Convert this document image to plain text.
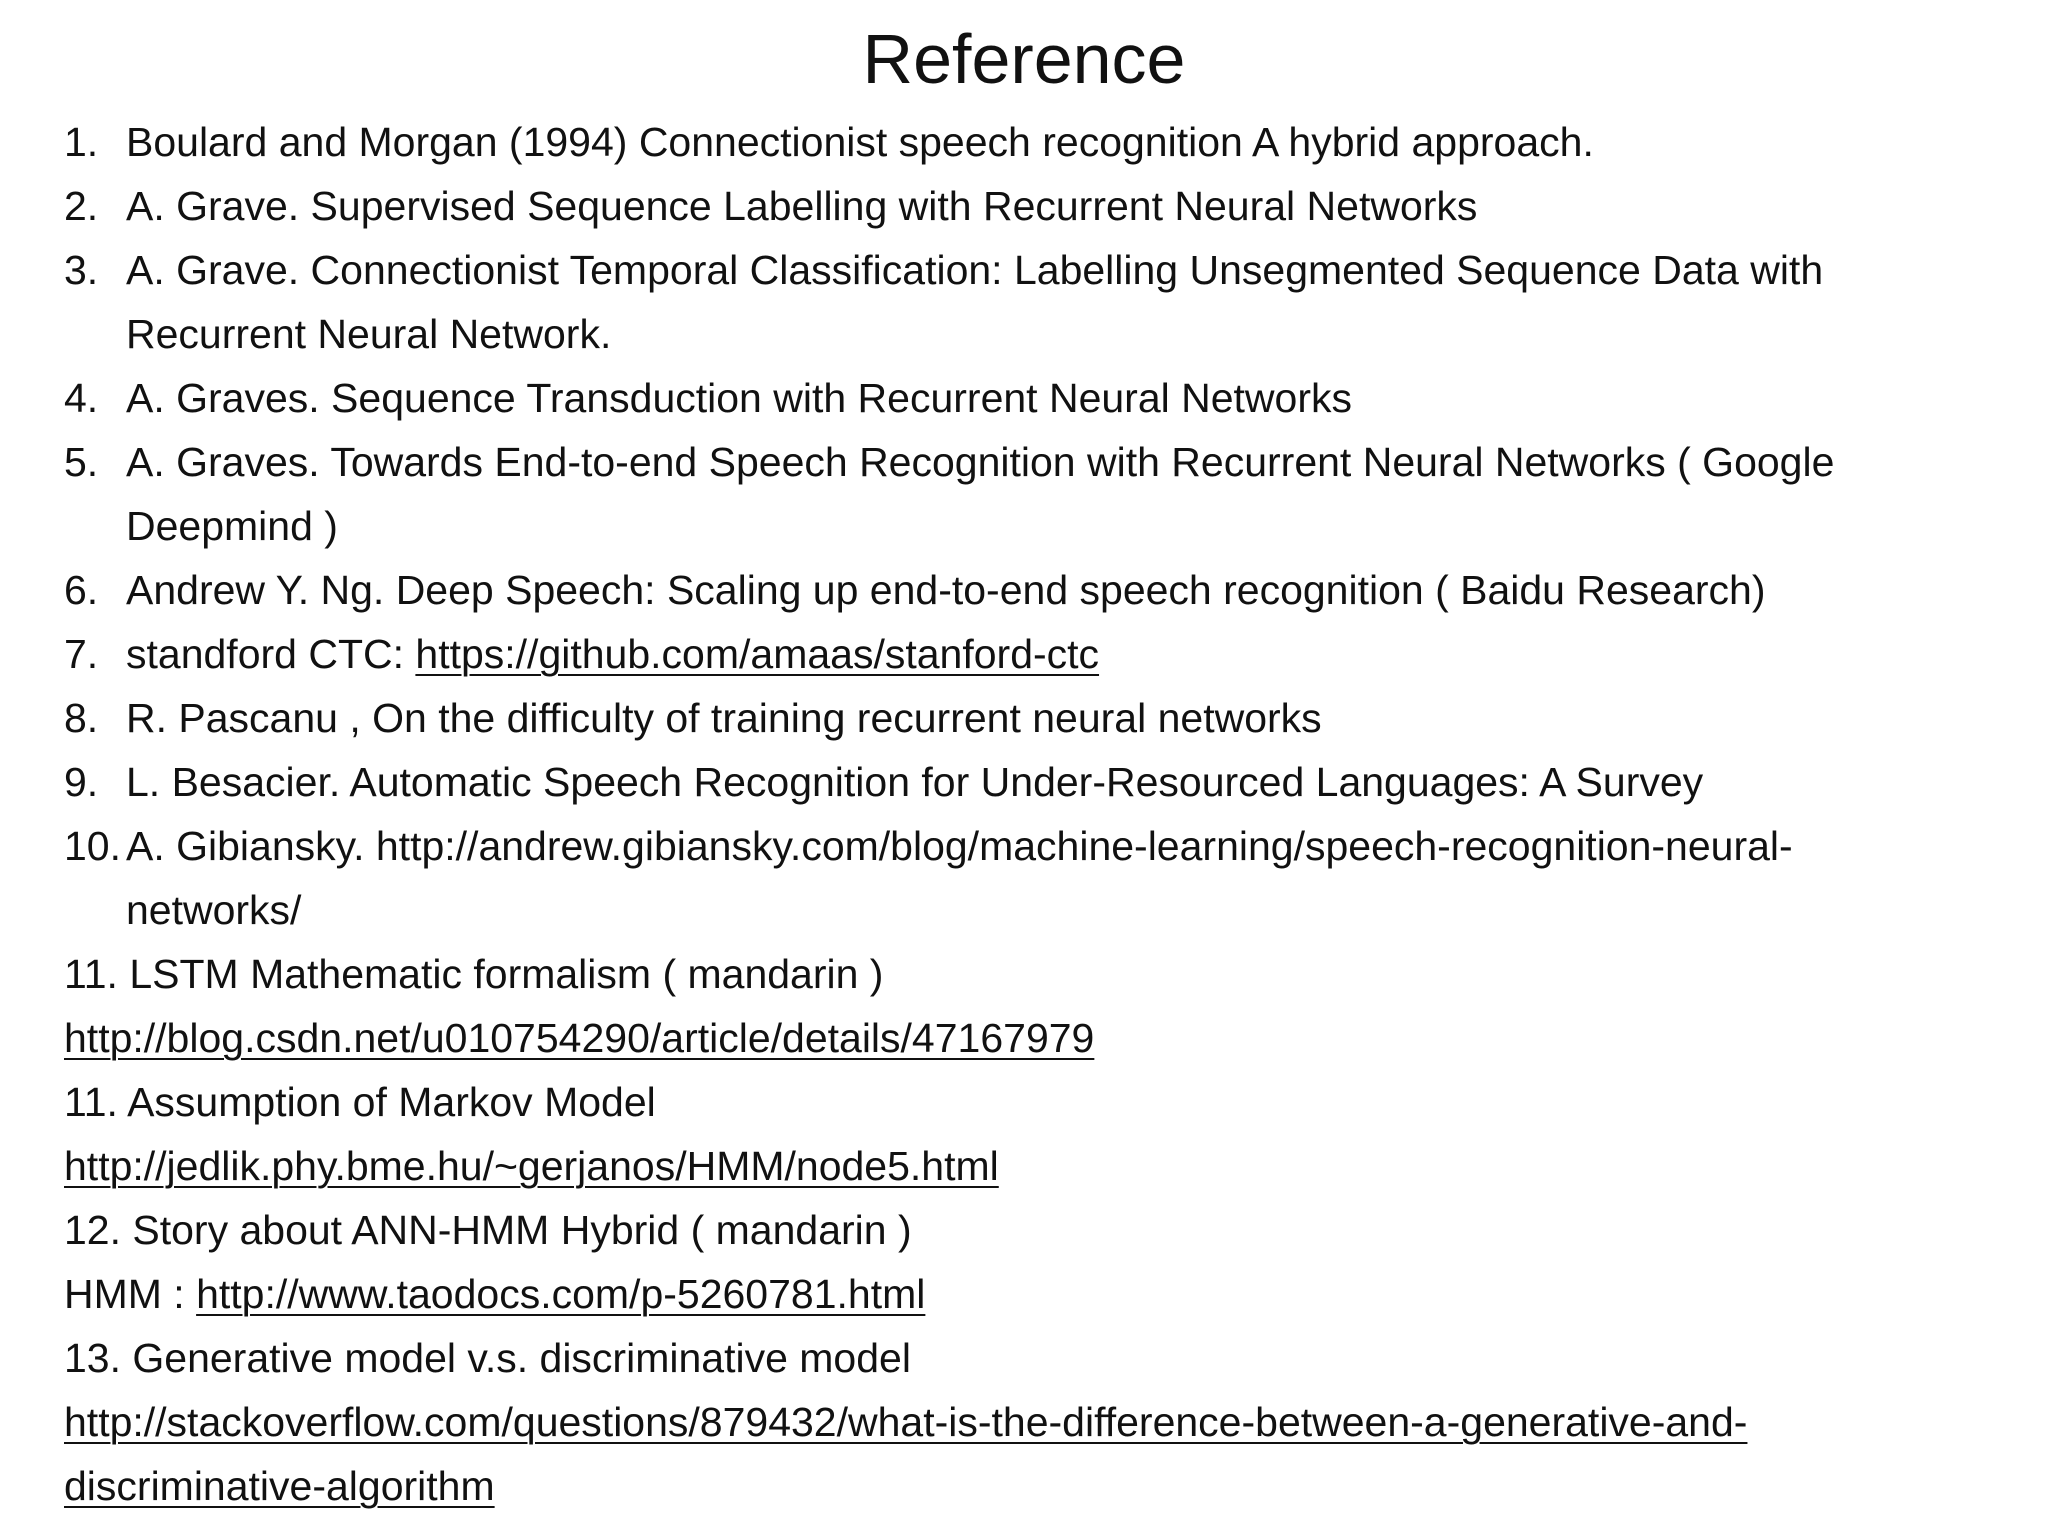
Reference
1. Boulard and Morgan (1994) Connectionist speech recognition A hybrid approach.
2. A. Grave. Supervised Sequence Labelling with Recurrent Neural Networks
3. A. Grave. Connectionist Temporal Classification: Labelling Unsegmented Sequence Data with
Recurrent Neural Network.
4. A. Graves. Sequence Transduction with Recurrent Neural Networks
5. A. Graves. Towards End-to-end Speech Recognition with Recurrent Neural Networks ( Google
Deepmind )
6. Andrew Y. Ng. Deep Speech: Scaling up end-to-end speech recognition ( Baidu Research)
7. standford CTC: https://github.com/amaas/stanford-ctc
8. R. Pascanu , On the difficulty of training recurrent neural networks
9. L. Besacier. Automatic Speech Recognition for Under-Resourced Languages: A Survey
10. A. Gibiansky. http://andrew.gibiansky.com/blog/machine-learning/speech-recognition-neural-
networks/
11. LSTM Mathematic formalism ( mandarin )
http://blog.csdn.net/u010754290/article/details/47167979
11. Assumption of Markov Model
http://jedlik.phy.bme.hu/~gerjanos/HMM/node5.html
12. Story about ANN-HMM Hybrid ( mandarin )
HMM : http://www.taodocs.com/p-5260781.html
13. Generative model v.s. discriminative model
http://stackoverflow.com/questions/879432/what-is-the-difference-between-a-generative-and-
discriminative-algorithm
